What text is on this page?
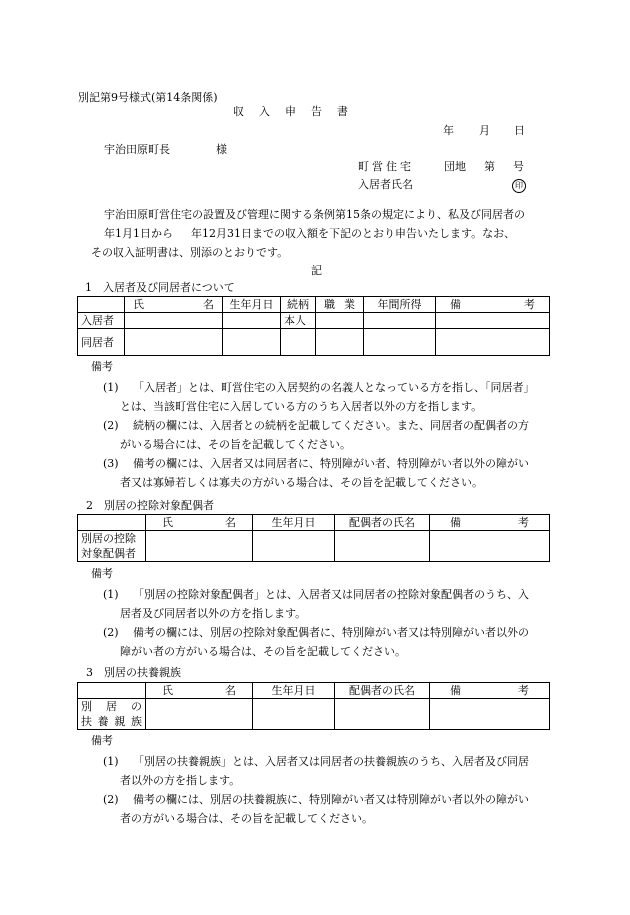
別記第9号様式(第14条関係)
収　入　申　告　書
年 月 日
宇治田原町長	様
町営住宅	団地 第 号
入居者氏名	印
宇治田原町営住宅の設置及び管理に関する条例第15条の規定により、私及び同居者の
年1月1日から 年12月31日までの収入額を下記のとおり申告いたします。なお、
その収入証明書は、別添のとおりです。
記
1　入居者及び同居者について
	氏名	生年月日	続柄	職業	年間所得	備考
入居者			本人			
同居者						
備考
(1) 「入居者」とは、町営住宅の入居契約の名義人となっている方を指し、「同居者」
とは、当該町営住宅に入居している方のうち入居者以外の方を指します。
(2) 続柄の欄には、入居者との続柄を記載してください。また、同居者の配偶者の方
がいる場合には、その旨を記載してください。
(3) 備考の欄には、入居者又は同居者に、特別障がい者、特別障がい者以外の障がい
者又は寡婦若しくは寡夫の方がいる場合は、その旨を記載してください。
2　別居の控除対象配偶者
	氏名	生年月日	配偶者の氏名	備考

別居の控除
対象配偶者				

備考
(1) 「別居の控除対象配偶者」とは、入居者又は同居者の控除対象配偶者のうち、入
居者及び同居者以外の方を指します。
(2) 備考の欄には、別居の控除対象配偶者に、特別障がい者又は特別障がい者以外の
障がい者の方がいる場合は、その旨を記載してください。
3　別居の扶養親族
	氏名	生年月日	配偶者の氏名	備考

別居の
扶養親族				

備考
(1) 「別居の扶養親族」とは、入居者又は同居者の扶養親族のうち、入居者及び同居
者以外の方を指します。
(2) 備考の欄には、別居の扶養親族に、特別障がい者又は特別障がい者以外の障がい
者の方がいる場合は、その旨を記載してください。
